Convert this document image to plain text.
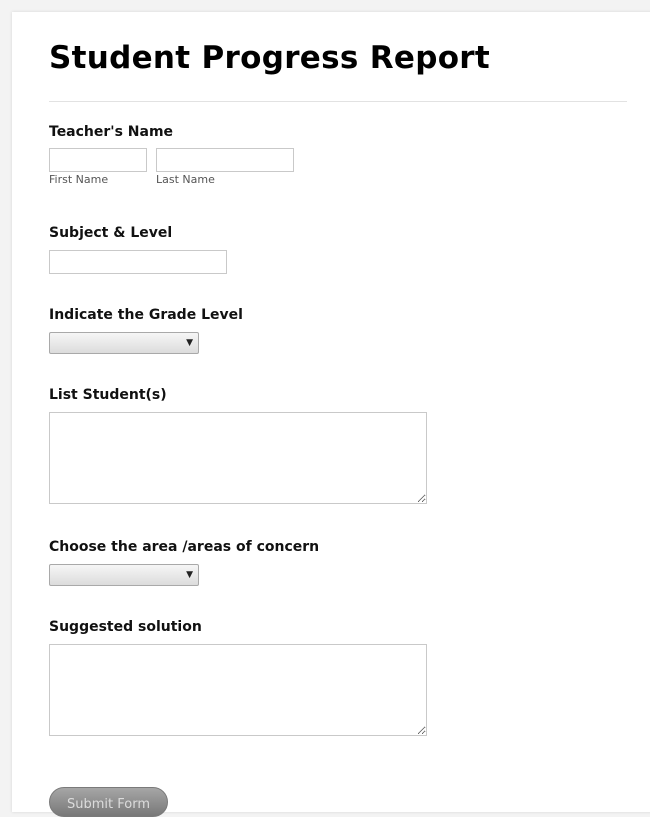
Student Progress Report
Teacher's Name
First Name	Last Name
Subject & Level
Indicate the Grade Level
▼
List Student(s)
Choose the area /areas of concern
▼
Suggested solution
Submit Form
